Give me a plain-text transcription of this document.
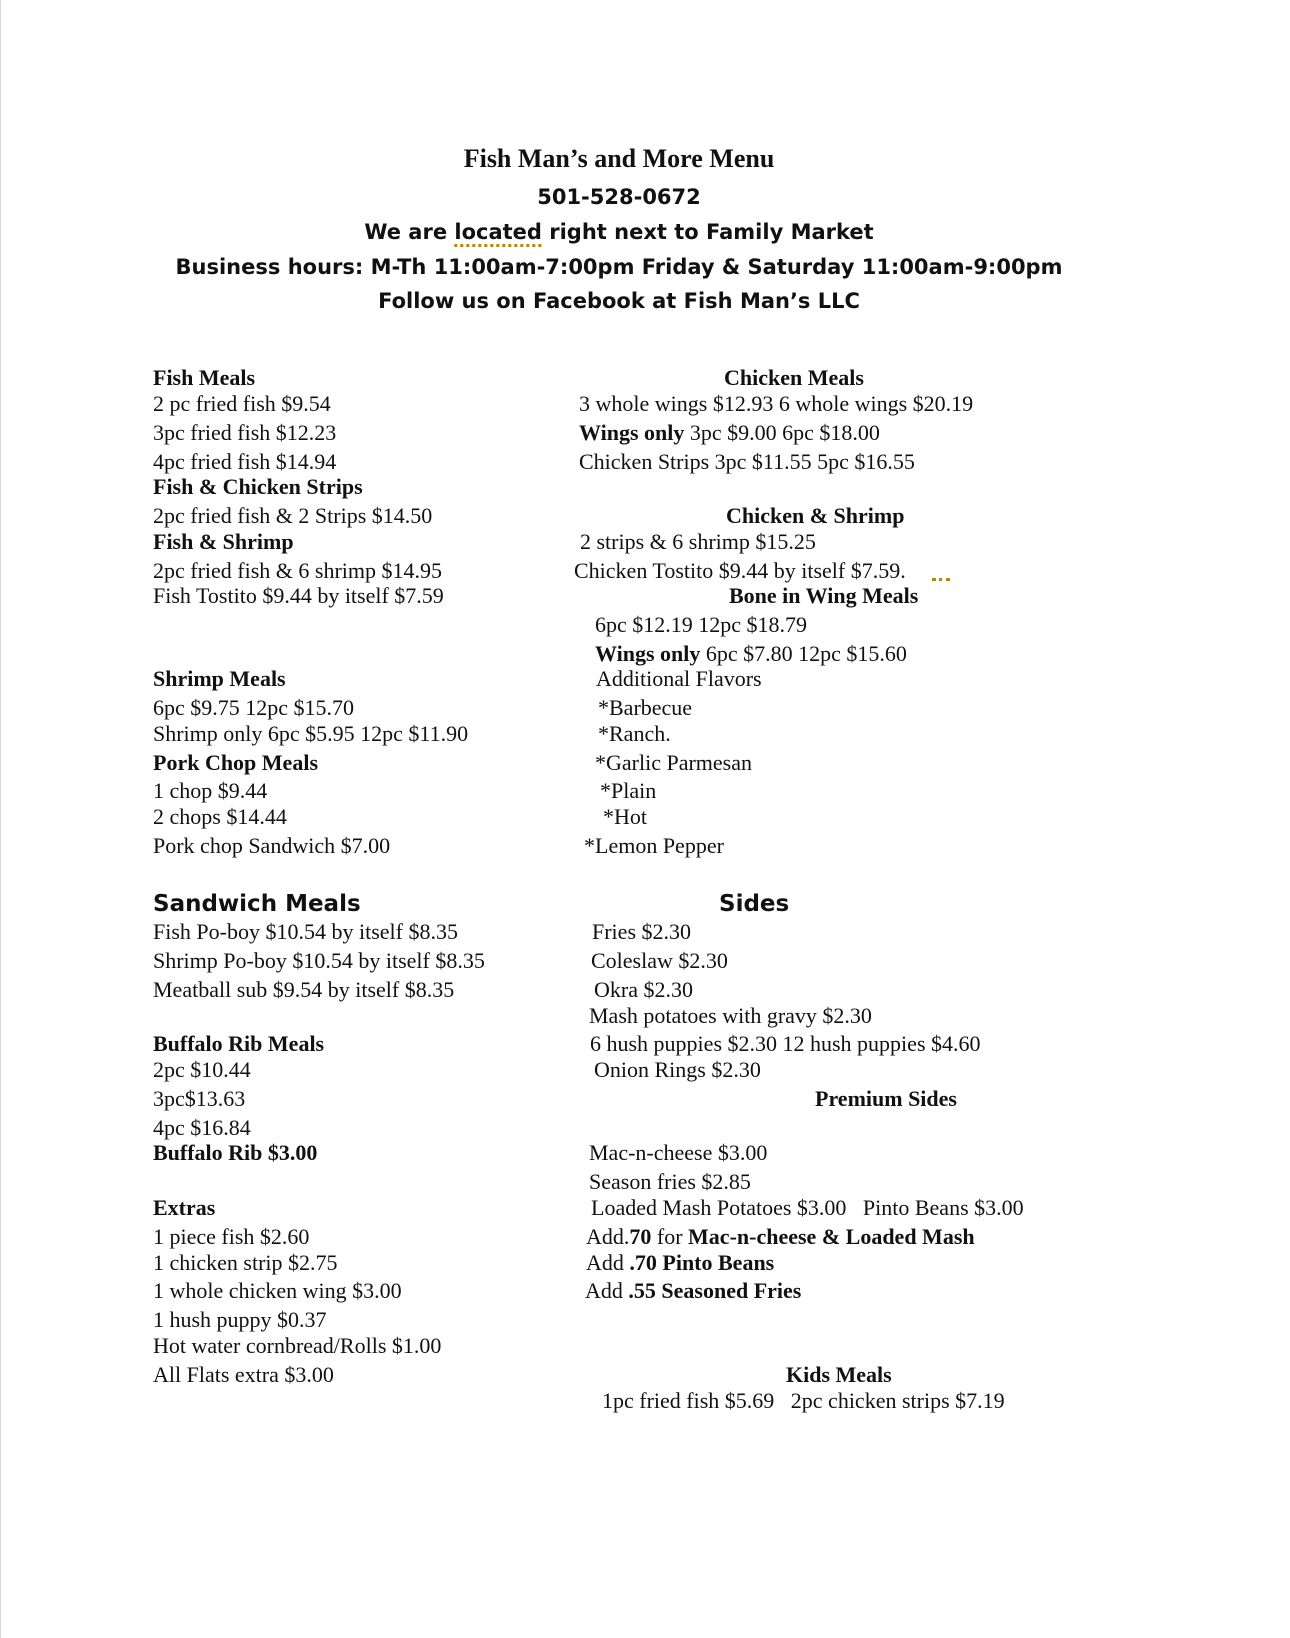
Fish Man’s and More Menu
501-528-0672
We are located right next to Family Market
Business hours: M-Th 11:00am-7:00pm Friday & Saturday 11:00am-9:00pm
Follow us on Facebook at Fish Man’s LLC
Fish Meals
2 pc fried fish $9.54
3pc fried fish $12.23
4pc fried fish $14.94
Fish & Chicken Strips
2pc fried fish & 2 Strips $14.50
Fish & Shrimp
2pc fried fish & 6 shrimp $14.95
Fish Tostito $9.44 by itself $7.59
Shrimp Meals
6pc $9.75 12pc $15.70
Shrimp only 6pc $5.95 12pc $11.90
Pork Chop Meals
1 chop $9.44
2 chops $14.44
Pork chop Sandwich $7.00
Sandwich Meals
Fish Po-boy $10.54 by itself $8.35
Shrimp Po-boy $10.54 by itself $8.35
Meatball sub $9.54 by itself $8.35
Buffalo Rib Meals
2pc $10.44
3pc$13.63
4pc $16.84
Buffalo Rib $3.00
Extras
1 piece fish $2.60
1 chicken strip $2.75
1 whole chicken wing $3.00
1 hush puppy $0.37
Hot water cornbread/Rolls $1.00
All Flats extra $3.00
Chicken Meals
3 whole wings $12.93 6 whole wings $20.19
Wings only 3pc $9.00 6pc $18.00
Chicken Strips 3pc $11.55 5pc $16.55
Chicken & Shrimp
2 strips & 6 shrimp $15.25
Chicken Tostito $9.44 by itself $7.59.
Bone in Wing Meals
6pc $12.19 12pc $18.79
Wings only 6pc $7.80 12pc $15.60
Additional Flavors
*Barbecue
*Ranch.
*Garlic Parmesan
*Plain
*Hot
*Lemon Pepper
Sides
Fries $2.30
Coleslaw $2.30
Okra $2.30
Mash potatoes with gravy $2.30
6 hush puppies $2.30 12 hush puppies $4.60
Onion Rings $2.30
Premium Sides
Mac-n-cheese $3.00
Season fries $2.85
Loaded Mash Potatoes $3.00   Pinto Beans $3.00
Add.70 for Mac-n-cheese & Loaded Mash
Add .70 Pinto Beans
Add .55 Seasoned Fries
Kids Meals
1pc fried fish $5.69   2pc chicken strips $7.19
